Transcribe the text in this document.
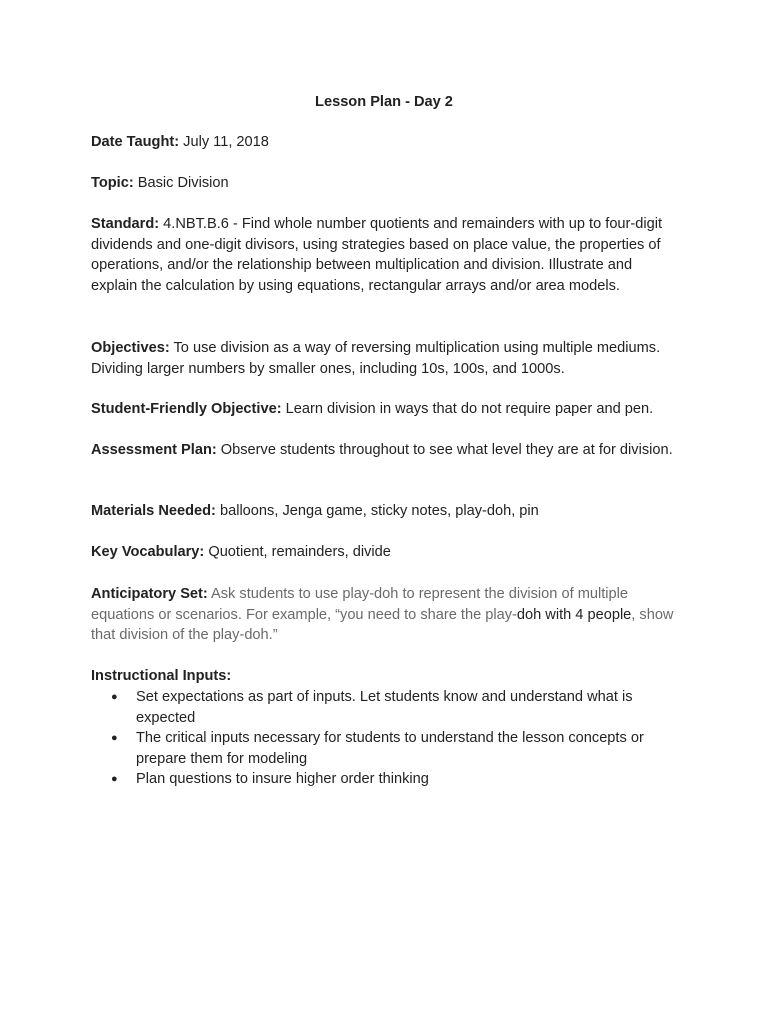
Lesson Plan - Day 2

Date Taught: July 11, 2018

Topic: Basic Division

Standard: 4.NBT.B.6 - Find whole number quotients and remainders with up to four-digit dividends and one-digit divisors, using strategies based on place value, the properties of operations, and/or the relationship between multiplication and division. Illustrate and explain the calculation by using equations, rectangular arrays and/or area models.

Objectives: To use division as a way of reversing multiplication using multiple mediums. Dividing larger numbers by smaller ones, including 10s, 100s, and 1000s.

Student-Friendly Objective: Learn division in ways that do not require paper and pen.

Assessment Plan: Observe students throughout to see what level they are at for division.

Materials Needed: balloons, Jenga game, sticky notes, play-doh, pin

Key Vocabulary: Quotient, remainders, divide

Anticipatory Set: Ask students to use play-doh to represent the division of multiple equations or scenarios. For example, “you need to share the play-doh with 4 people, show that division of the play-doh.”

Instructional Inputs:

● Set expectations as part of inputs. Let students know and understand what is expected
● The critical inputs necessary for students to understand the lesson concepts or prepare them for modeling
● Plan questions to insure higher order thinking
